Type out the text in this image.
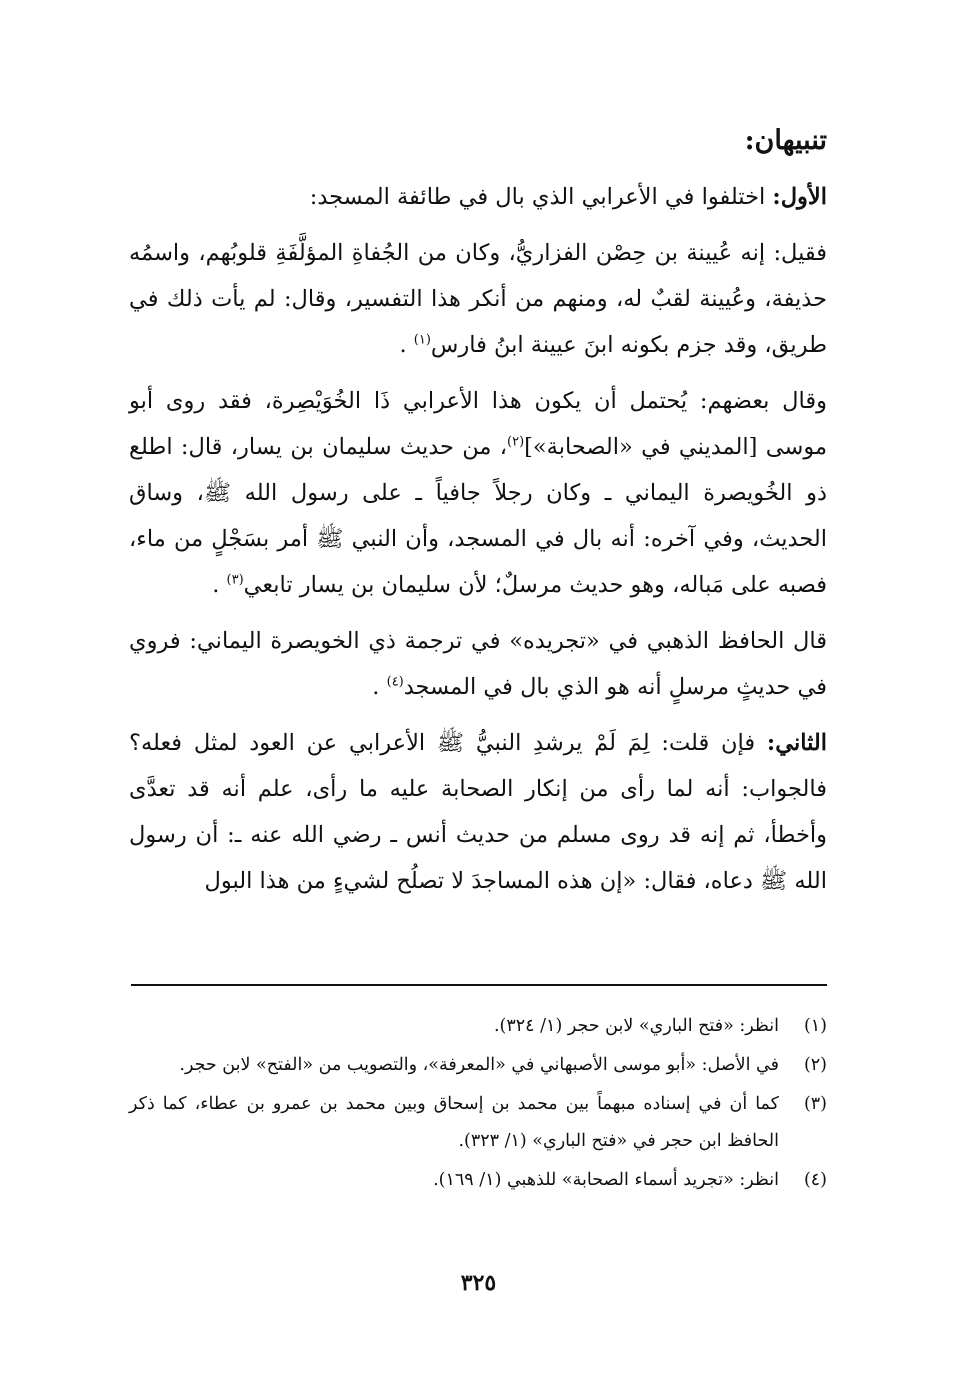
تنبيهان:

الأول: اختلفوا في الأعرابي الذي بال في طائفة المسجد:

فقيل: إنه عُيينة بن حِصْن الفزاريُّ، وكان من الجُفاةِ المؤلَّفَةِ قلوبُهم، واسمُه حذيفة، وعُيينة لقبٌ له، ومنهم من أنكر هذا التفسير، وقال: لم يأت ذلك في طريق، وقد جزم بكونه ابنَ عيينة ابنُ فارس$^{(١)}$ .

وقال بعضهم: يُحتمل أن يكون هذا الأعرابي ذَا الخُوَيْصِرة، فقد روى أبو موسى [المديني في «الصحابة»]$^{(٢)}$، من حديث سليمان بن يسار، قال: اطلع ذو الخُويصرة اليماني ـ وكان رجلاً جافياً ـ على رسول الله ﷺ، وساق الحديث، وفي آخره: أنه بال في المسجد، وأن النبي ﷺ أمر بسَجْلٍ من ماء، فصبه على مَباله، وهو حديث مرسلٌ؛ لأن سليمان بن يسار تابعي$^{(٣)}$ .

قال الحافظ الذهبي في «تجريده» في ترجمة ذي الخويصرة اليماني: فروي في حديثٍ مرسلٍ أنه هو الذي بال في المسجد$^{(٤)}$ .

الثاني: فإن قلت: لِمَ لَمْ يرشدِ النبيُّ ﷺ الأعرابي عن العود لمثل فعله؟ فالجواب: أنه لما رأى من إنكار الصحابة عليه ما رأى، علم أنه قد تعدَّى وأخطأ، ثم إنه قد روى مسلم من حديث أنس ـ رضي الله عنه ـ: أن رسول الله ﷺ دعاه، فقال: «إن هذه المساجدَ لا تصلُح لشيءٍ من هذا البول

(١)
انظر: «فتح الباري» لابن حجر (١/ ٣٢٤).
(٢)
في الأصل: «أبو موسى الأصبهاني في «المعرفة»، والتصويب من «الفتح» لابن حجر.
(٣)
كما أن في إسناده مبهماً بين محمد بن إسحاق وبين محمد بن عمرو بن عطاء، كما ذكر الحافظ ابن حجر في «فتح الباري» (١/ ٣٢٣).
(٤)
انظر: «تجريد أسماء الصحابة» للذهبي (١/ ١٦٩).
٣٢٥
